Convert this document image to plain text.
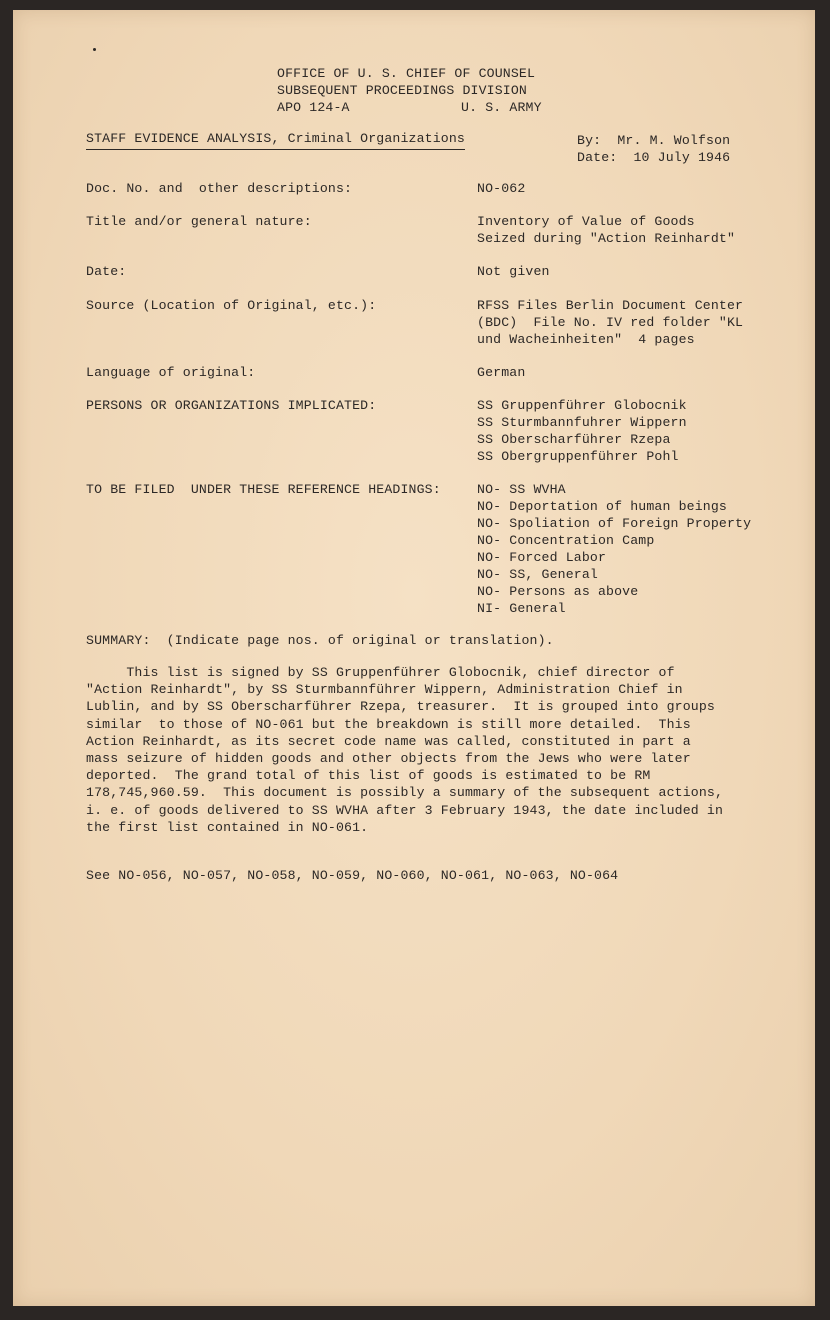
OFFICE OF U. S. CHIEF OF COUNSEL
SUBSEQUENT PROCEEDINGS DIVISION
APO 124-A	U. S. ARMY
STAFF EVIDENCE ANALYSIS, Criminal Organizations	By:  Mr. M. Wolfson
Date:  10 July 1946
Doc. No. and  other descriptions:	NO-062
Title and/or general nature:	Inventory of Value of Goods
Seized during "Action Reinhardt"
Date:	Not given
Source (Location of Original, etc.):	RFSS Files Berlin Document Center
(BDC)  File No. IV red folder "KL
und Wacheinheiten"  4 pages
Language of original:	German
PERSONS OR ORGANIZATIONS IMPLICATED:	SS Gruppenführer Globocnik
SS Sturmbannfuhrer Wippern
SS Oberscharführer Rzepa
SS Obergruppenführer Pohl
TO BE FILED  UNDER THESE REFERENCE HEADINGS:	NO- SS WVHA
NO- Deportation of human beings
NO- Spoliation of Foreign Property
NO- Concentration Camp
NO- Forced Labor
NO- SS, General
NO- Persons as above
NI- General
SUMMARY:  (Indicate page nos. of original or translation).
This list is signed by SS Gruppenführer Globocnik, chief director of
"Action Reinhardt", by SS Sturmbannführer Wippern, Administration Chief in
Lublin, and by SS Oberscharführer Rzepa, treasurer.  It is grouped into groups
similar  to those of NO-061 but the breakdown is still more detailed.  This
Action Reinhardt, as its secret code name was called, constituted in part a
mass seizure of hidden goods and other objects from the Jews who were later
deported.  The grand total of this list of goods is estimated to be RM
178,745,960.59.  This document is possibly a summary of the subsequent actions,
i. e. of goods delivered to SS WVHA after 3 February 1943, the date included in
the first list contained in NO-061.
See NO-056, NO-057, NO-058, NO-059, NO-060, NO-061, NO-063, NO-064
